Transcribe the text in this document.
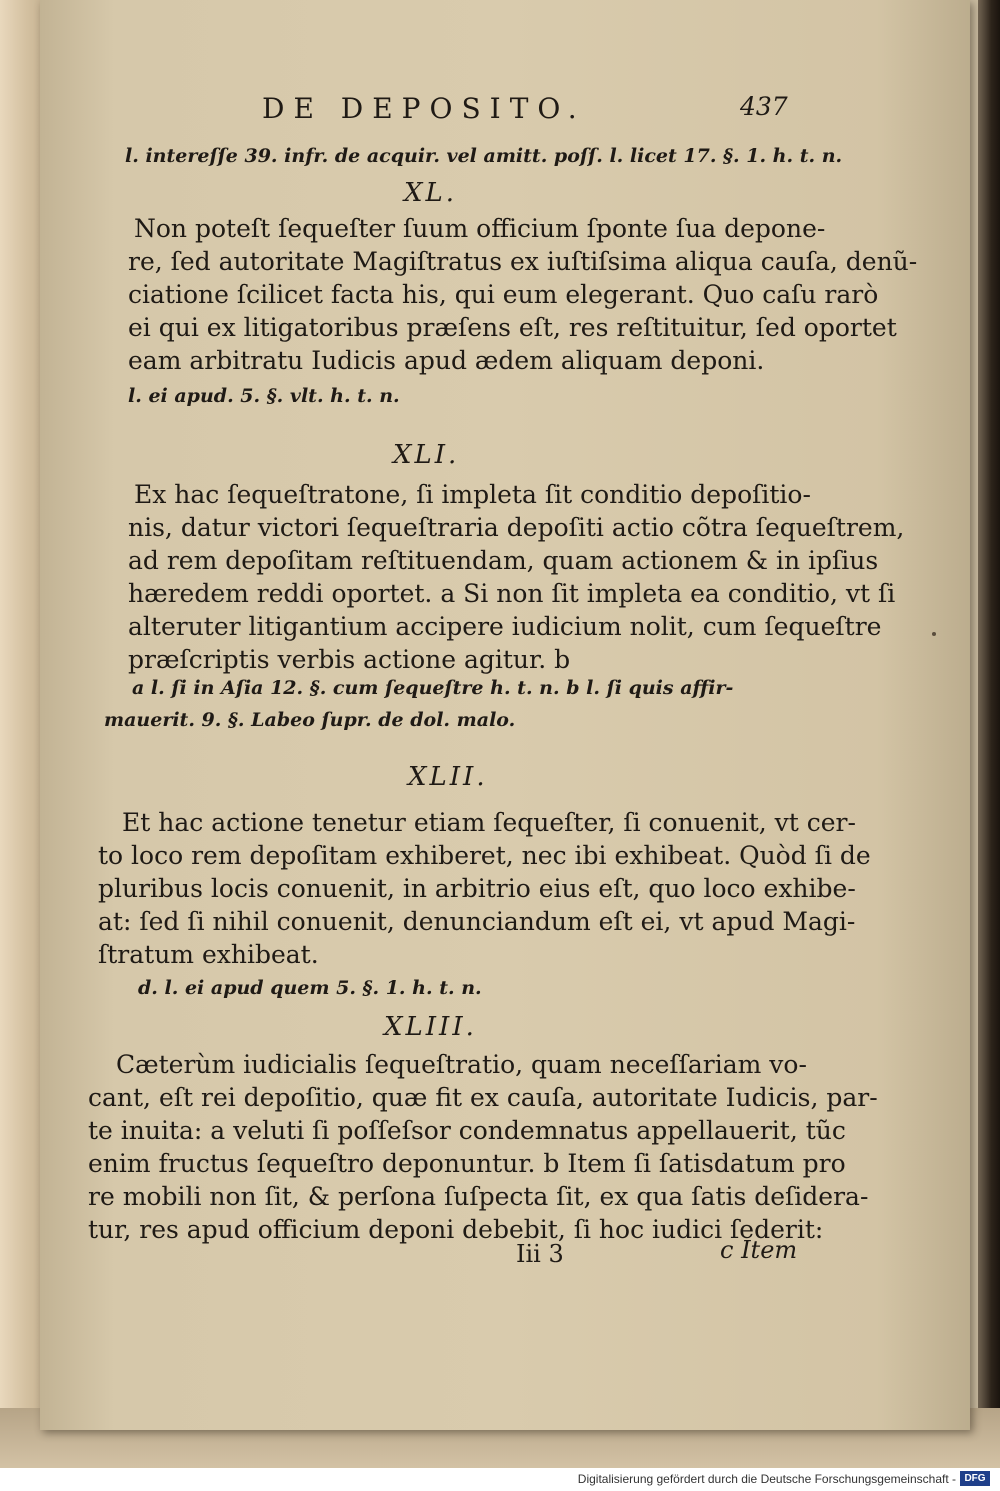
DE DEPOSITO.	437
l. intereſſe 39. infr. de acquir. vel amitt. poſſ. l. licet 17. §. 1. h. t. n.
XL.
Non poteſt ſequeſter ſuum officium ſponte ſua depone-
re, ſed autoritate Magiſtratus ex iuſtiſsima aliqua cauſa, denũ-
ciatione ſcilicet facta his, qui eum elegerant. Quo caſu rarò
ei qui ex litigatoribus præſens eſt, res reſtituitur, ſed oportet
eam arbitratu Iudicis apud ædem aliquam deponi.
l. ei apud. 5. §. vlt. h. t. n.
XLI.
Ex hac ſequeſtratone, ſi impleta ſit conditio depoſitio-
nis, datur victori ſequeſtraria depoſiti actio cõtra ſequeſtrem,
ad rem depoſitam reſtituendam, quam actionem & in ipſius
hæredem reddi oportet. a Si non ſit impleta ea conditio, vt ſi
alteruter litigantium accipere iudicium nolit, cum ſequeſtre
præſcriptis verbis actione agitur. b
a l. ſi in Aſia 12. §. cum ſequeſtre h. t. n. b l. ſi quis affir-
mauerit. 9. §. Labeo ſupr. de dol. malo.
XLII.
Et hac actione tenetur etiam ſequeſter, ſi conuenit, vt cer-
to loco rem depoſitam exhiberet, nec ibi exhibeat. Quòd ſi de
pluribus locis conuenit, in arbitrio eius eſt, quo loco exhibe-
at: ſed ſi nihil conuenit, denunciandum eſt ei, vt apud Magi-
ſtratum exhibeat.
d. l. ei apud quem 5. §. 1. h. t. n.
XLIII.
Cæterùm iudicialis ſequeſtratio, quam neceſſariam vo-
cant, eſt rei depoſitio, quæ fit ex cauſa, autoritate Iudicis, par-
te inuita: a veluti ſi poſſeſsor condemnatus appellauerit, tũc
enim fructus ſequeſtro deponuntur. b Item ſi ſatisdatum pro
re mobili non ſit, & perſona ſuſpecta ſit, ex qua ſatis deſidera-
tur, res apud officium deponi debebit, ſi hoc iudici ſederit:
Iii 3	c Item
Digitalisierung gefördert durch die Deutsche Forschungsgemeinschaft - DFG
